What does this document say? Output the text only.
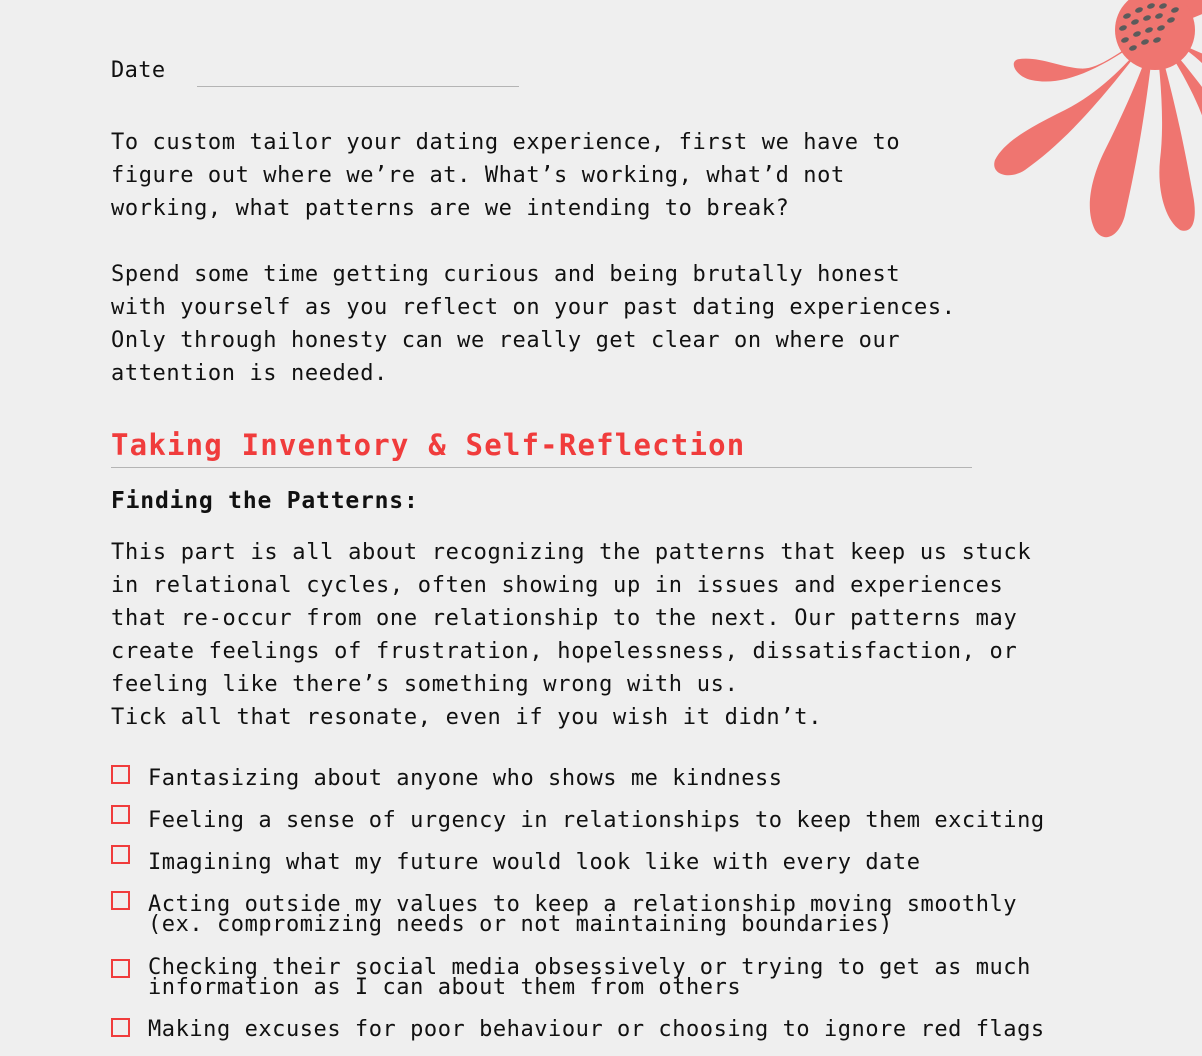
Date

To custom tailor your dating experience, first we have to
figure out where we’re at. What’s working, what’d not
working, what patterns are we intending to break?

Spend some time getting curious and being brutally honest
with yourself as you reflect on your past dating experiences.
Only through honesty can we really get clear on where our
attention is needed.

Taking Inventory & Self-Reflection
Finding the Patterns:

This part is all about recognizing the patterns that keep us stuck
in relational cycles, often showing up in issues and experiences
that re-occur from one relationship to the next. Our patterns may
create feelings of frustration, hopelessness, dissatisfaction, or
feeling like there’s something wrong with us.
Tick all that resonate, even if you wish it didn’t.

Fantasizing about anyone who shows me kindness
Feeling a sense of urgency in relationships to keep them exciting
Imagining what my future would look like with every date
Acting outside my values to keep a relationship moving smoothly
(ex. compromizing needs or not maintaining boundaries)
Checking their social media obsessively or trying to get as much
information as I can about them from others
Making excuses for poor behaviour or choosing to ignore red flags
